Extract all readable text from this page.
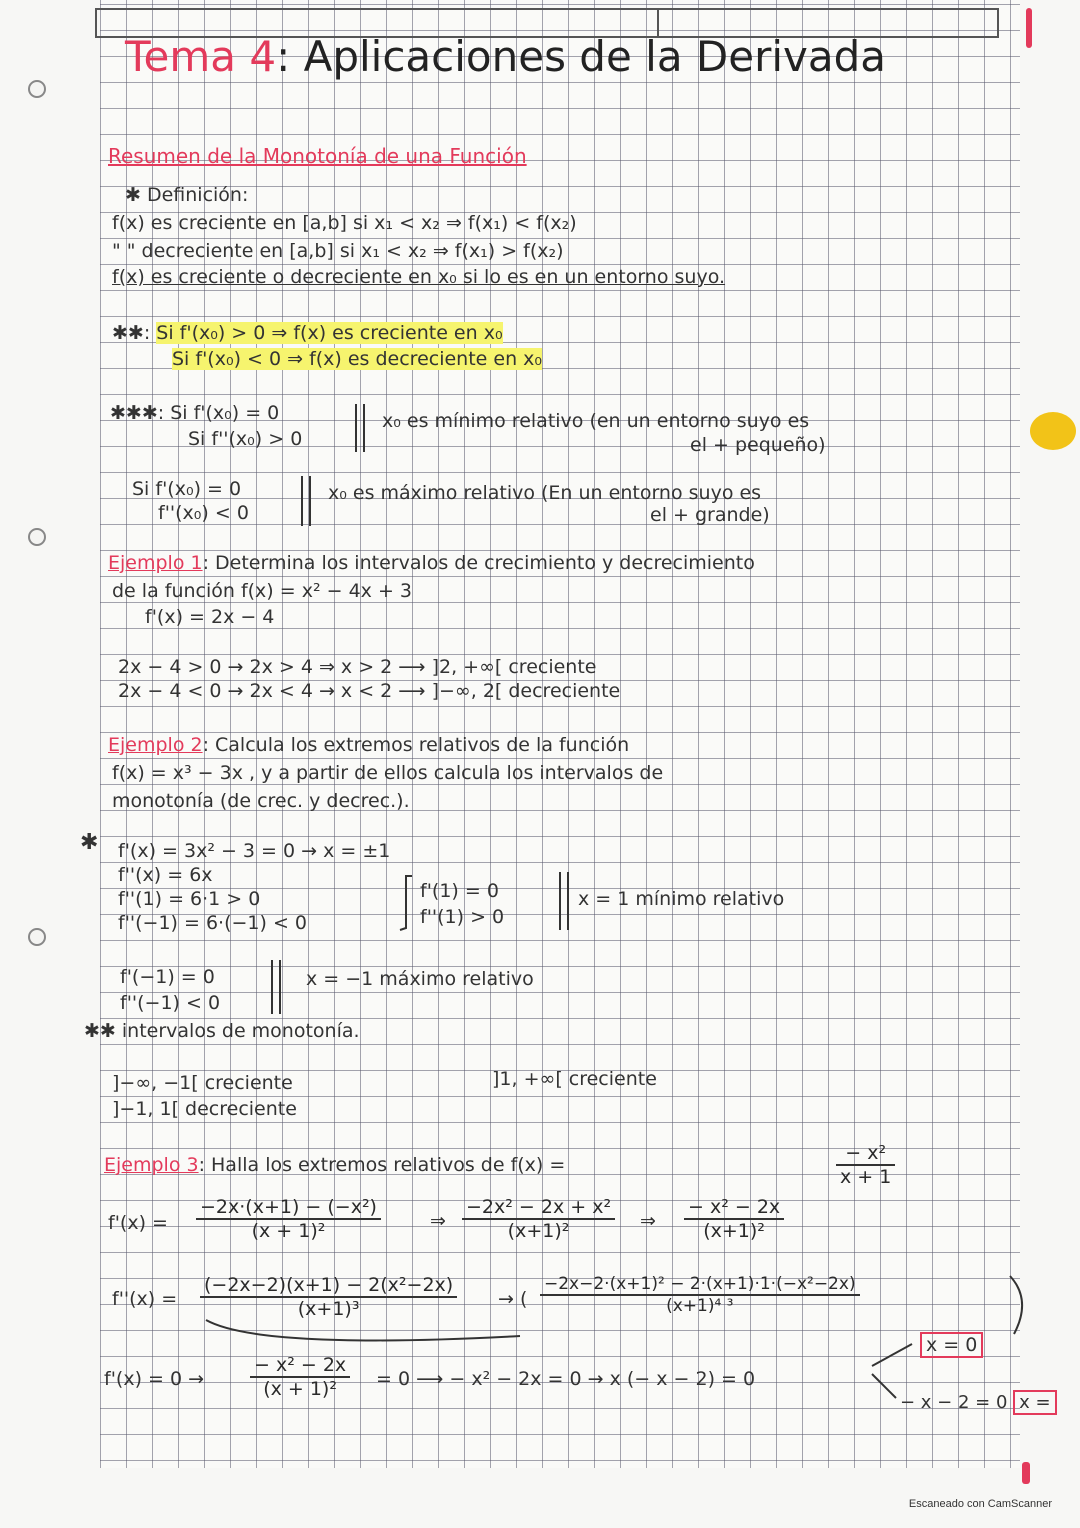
Tema 4: Aplicaciones de la Derivada
Resumen de la Monotonía de una Función
✱ Definición:
f(x) es creciente en [a,b] si x₁ < x₂ ⇒ f(x₁) < f(x₂)
" " decreciente en [a,b] si x₁ < x₂ ⇒ f(x₁) > f(x₂)
f(x) es creciente o decreciente en x₀ si lo es en un entorno suyo.
✱✱: Si f'(x₀) > 0 ⇒ f(x) es creciente en x₀
Si f'(x₀) < 0 ⇒ f(x) es decreciente en x₀
✱✱✱: Si f'(x₀) = 0
Si f''(x₀) > 0
x₀ es mínimo relativo (en un entorno suyo es
el + pequeño)
Si f'(x₀) = 0
f''(x₀) < 0
x₀ es máximo relativo (En un entorno suyo es
el + grande)
Ejemplo 1: Determina los intervalos de crecimiento y decrecimiento
de la función f(x) = x² − 4x + 3
f'(x) = 2x − 4
2x − 4 > 0 → 2x > 4 ⇒ x > 2 ⟶ ]2, +∞[ creciente
2x − 4 < 0 → 2x < 4 → x < 2 ⟶ ]−∞, 2[ decreciente
Ejemplo 2: Calcula los extremos relativos de la función
f(x) = x³ − 3x , y a partir de ellos calcula los intervalos de
monotonía (de crec. y decrec.).
✱ f'(x) = 3x² − 3 = 0 → x = ±1
f''(x) = 6x
f''(1) = 6·1 > 0
f''(−1) = 6·(−1) < 0
f'(1) = 0
f''(1) > 0
x = 1 mínimo relativo
f'(−1) = 0
f''(−1) < 0
x = −1 máximo relativo
✱✱ intervalos de monotonía.
]−∞, −1[ creciente
]−1, 1[ decreciente
]1, +∞[ creciente
Ejemplo 3: Halla los extremos relativos de f(x) =	$\frac{\text{− x²}}{x + 1}$
$f'(x) = \frac{\text{−2x·(x+1) − (−x²)}}{\text{(x + 1)²}}$	⇒ $\frac{\text{−2x² − 2x + x²}}{\text{(x+1)²}}$ ⇒ $\frac{\text{− x² − 2x}}{\text{(x+1)²}}$
$f''(x) = \frac{\text{(−2x−2)(x+1) − 2(x²−2x)}}{\text{(x+1)³}}$ → ( $\frac{\text{−2x−2·(x+1)² − 2·(x+1)·1·(−x²−2x)}}{\text{(x+1)⁴ ³}}$
$f'(x) = 0 \to \frac{\text{− x² − 2x}}{\text{(x + 1)²}} = 0$ ⟶ − x² − 2x = 0 → x (− x − 2) = 0
x = 0
− x − 2 = 0 x =
Escaneado con CamScanner
